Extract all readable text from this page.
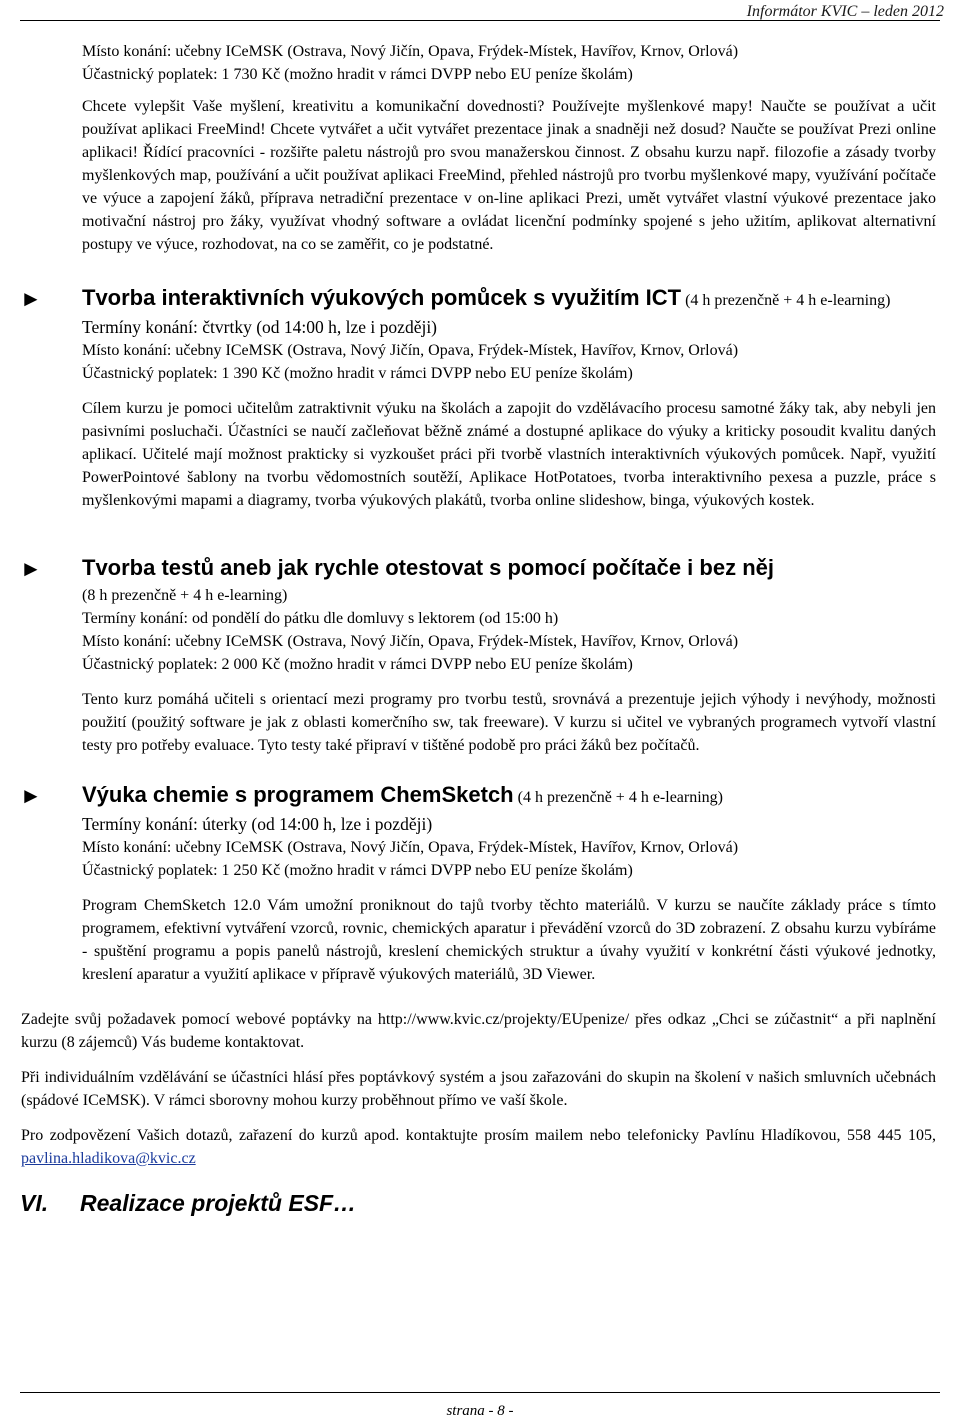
Informátor KVIC – leden 2012
Místo konání: učebny ICeMSK (Ostrava, Nový Jičín, Opava, Frýdek-Místek, Havířov, Krnov, Orlová)
Účastnický poplatek: 1 730 Kč (možno hradit v rámci DVPP nebo EU peníze školám)

Chcete vylepšit Vaše myšlení, kreativitu a komunikační dovednosti? Používejte myšlenkové mapy! Naučte se používat a učit používat aplikaci FreeMind! Chcete vytvářet a učit vytvářet prezentace jinak a snadněji než dosud? Naučte se používat Prezi online aplikaci! Řídící pracovníci - rozšiřte paletu nástrojů pro svou manažerskou činnost. Z obsahu kurzu např. filozofie a zásady tvorby myšlenkových map, používání a učit používat aplikaci FreeMind, přehled nástrojů pro tvorbu myšlenkové mapy, využívání počítače ve výuce a zapojení žáků, příprava netradiční prezentace v on-line aplikaci Prezi, umět vytvářet vlastní výukové prezentace jako motivační nástroj pro žáky, využívat vhodný software a ovládat licenční podmínky spojené s jeho užitím, aplikovat alternativní postupy ve výuce, rozhodovat, na co se zaměřit, co je podstatné.

► Tvorba interaktivních výukových pomůcek s využitím ICT (4 h prezenčně + 4 h e-learning)
Termíny konání: čtvrtky (od 14:00 h, lze i později)
Místo konání: učebny ICeMSK (Ostrava, Nový Jičín, Opava, Frýdek-Místek, Havířov, Krnov, Orlová)
Účastnický poplatek: 1 390 Kč (možno hradit v rámci DVPP nebo EU peníze školám)

Cílem kurzu je pomoci učitelům zatraktivnit výuku na školách a zapojit do vzdělávacího procesu samotné žáky tak, aby nebyli jen pasivními posluchači. Účastníci se naučí začleňovat běžně známé a dostupné aplikace do výuky a kriticky posoudit kvalitu daných aplikací. Učitelé mají možnost prakticky si vyzkoušet práci při tvorbě vlastních interaktivních výukových pomůcek. Např, využití PowerPointové šablony na tvorbu vědomostních soutěží, Aplikace HotPotatoes, tvorba interaktivního pexesa a puzzle, práce s myšlenkovými mapami a diagramy, tvorba výukových plakátů, tvorba online slideshow, binga, výukových kostek.

► Tvorba testů aneb jak rychle otestovat s pomocí počítače i bez něj
(8 h prezenčně + 4 h e-learning)
Termíny konání: od pondělí do pátku dle domluvy s lektorem (od 15:00 h)
Místo konání: učebny ICeMSK (Ostrava, Nový Jičín, Opava, Frýdek-Místek, Havířov, Krnov, Orlová)
Účastnický poplatek: 2 000 Kč (možno hradit v rámci DVPP nebo EU peníze školám)

Tento kurz pomáhá učiteli s orientací mezi programy pro tvorbu testů, srovnává a prezentuje jejich výhody i nevýhody, možnosti použití (použitý software je jak z oblasti komerčního sw, tak freeware). V kurzu si učitel ve vybraných programech vytvoří vlastní testy pro potřeby evaluace. Tyto testy také připraví v tištěné podobě pro práci žáků bez počítačů.

► Výuka chemie s programem ChemSketch (4 h prezenčně + 4 h e-learning)
Termíny konání: úterky (od 14:00 h, lze i později)
Místo konání: učebny ICeMSK (Ostrava, Nový Jičín, Opava, Frýdek-Místek, Havířov, Krnov, Orlová)
Účastnický poplatek: 1 250 Kč (možno hradit v rámci DVPP nebo EU peníze školám)

Program ChemSketch 12.0 Vám umožní proniknout do tajů tvorby těchto materiálů. V kurzu se naučíte základy práce s tímto programem, efektivní vytváření vzorců, rovnic, chemických aparatur i převádění vzorců do 3D zobrazení. Z obsahu kurzu vybíráme - spuštění programu a popis panelů nástrojů, kreslení chemických struktur a úvahy využití v konkrétní části výukové jednotky, kreslení aparatur a využití aplikace v přípravě výukových materiálů, 3D Viewer.

Zadejte svůj požadavek pomocí webové poptávky na http://www.kvic.cz/projekty/EUpenize/ přes odkaz „Chci se zúčastnit“ a při naplnění kurzu (8 zájemců) Vás budeme kontaktovat.

Při individuálním vzdělávání se účastníci hlásí přes poptávkový systém a jsou zařazováni do skupin na školení v našich smluvních učebnách (spádové ICeMSK). V rámci sborovny mohou kurzy proběhnout přímo ve vaší škole.

Pro zodpovězení Vašich dotazů, zařazení do kurzů apod. kontaktujte prosím mailem nebo telefonicky Pavlínu Hladíkovou, 558 445 105, pavlina.hladikova@kvic.cz

VI. Realizace projektů ESF…
strana - 8 -
